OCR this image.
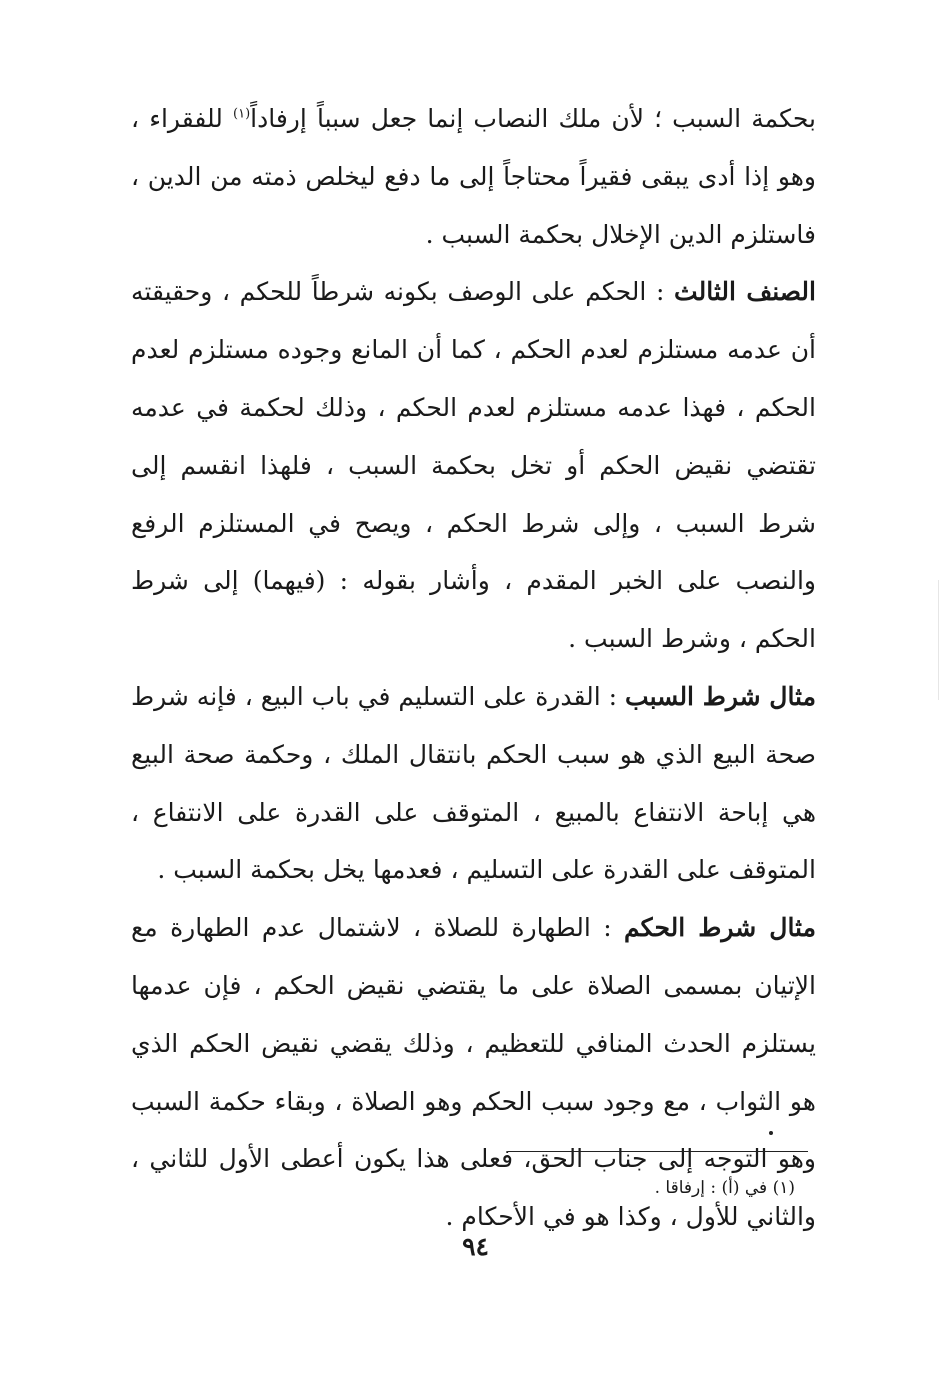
بحكمة السبب ؛ لأن ملك النصاب إنما جعل سبباً إرفاداً$^{(١)}$ للفقراء ، وهو إذا أدى يبقى فقيراً محتاجاً إلى ما دفع ليخلص ذمته من الدين ، فاستلزم الدين الإخلال بحكمة السبب .

الصنف الثالث : الحكم على الوصف بكونه شرطاً للحكم ، وحقيقته أن عدمه مستلزم لعدم الحكم ، كما أن المانع وجوده مستلزم لعدم الحكم ، فهذا عدمه مستلزم لعدم الحكم ، وذلك لحكمة في عدمه تقتضي نقيض الحكم أو تخل بحكمة السبب ، فلهذا انقسم إلى شرط السبب ، وإلى شرط الحكم ، ويصح في المستلزم الرفع والنصب على الخبر المقدم ، وأشار بقوله : (فيهما) إلى شرط الحكم ، وشرط السبب .

مثال شرط السبب : القدرة على التسليم في باب البيع ، فإنه شرط صحة البيع الذي هو سبب الحكم بانتقال الملك ، وحكمة صحة البيع هي إباحة الانتفاع بالمبيع ، المتوقف على القدرة على الانتفاع ، المتوقف على القدرة على التسليم ، فعدمها يخل بحكمة السبب .

مثال شرط الحكم : الطهارة للصلاة ، لاشتمال عدم الطهارة مع الإتيان بمسمى الصلاة على ما يقتضي نقيض الحكم ، فإن عدمها يستلزم الحدث المنافي للتعظيم ، وذلك يقضي نقيض الحكم الذي هو الثواب ، مع وجود سبب الحكم وهو الصلاة ، وبقاء حكمة السبب وهو التوجه إلى جناب الحق، فعلى هذا يكون أعطى الأول للثاني ، والثاني للأول ، وكذا هو في الأحكام .

(١) في (أ) : إرفاقا .
٩٤
